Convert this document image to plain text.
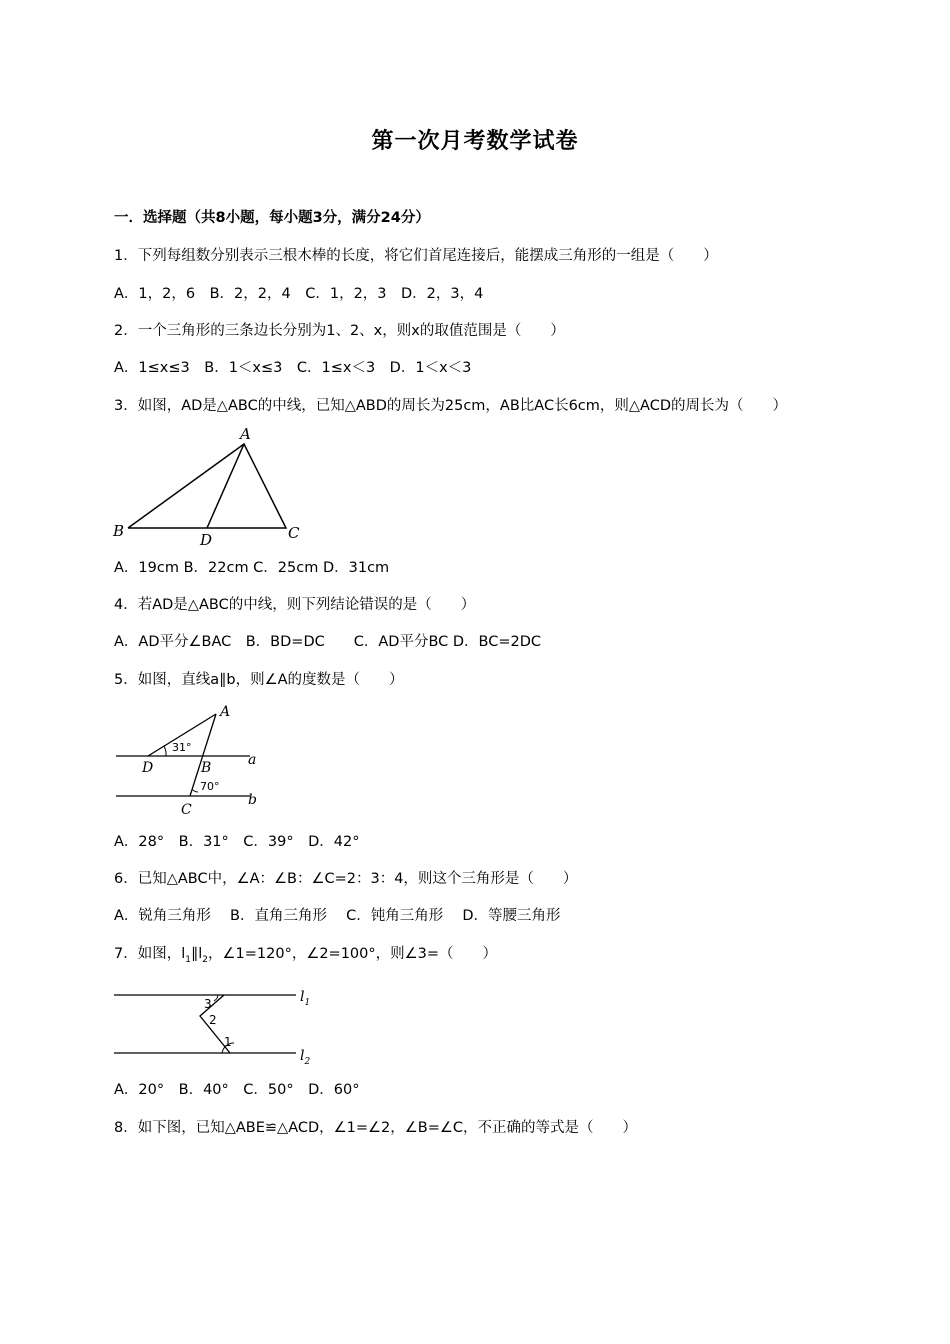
第一次月考数学试卷
一．选择题（共8小题，每小题3分，满分24分）
1．下列每组数分别表示三根木棒的长度，将它们首尾连接后，能摆成三角形的一组是（　　）
A．1，2，6　B．2，2，4　C．1，2，3　D．2，3，4
2．一个三角形的三条边长分别为1、2、x，则x的取值范围是（　　）
A．1≤x≤3　B．1＜x≤3　C．1≤x＜3　D．1＜x＜3
3．如图，AD是△ABC的中线，已知△ABD的周长为25cm，AB比AC长6cm，则△ACD的周长为（　　）
A
B	C
D
A．19cm B．22cm C．25cm D．31cm
4．若AD是△ABC的中线，则下列结论错误的是（　　）
A．AD平分∠BAC　B．BD=DC　　C．AD平分BC D．BC=2DC
5．如图，直线a∥b，则∠A的度数是（　　）
A
D	B
C
a
b
31°
70°
A．28°　B．31°　C．39°　D．42°
6．已知△ABC中，∠A：∠B：∠C=2：3：4，则这个三角形是（　　）
A．锐角三角形　 B．直角三角形　 C．钝角三角形　 D．等腰三角形
7．如图，$l_1\parallel l_2$，∠1=120°，∠2=100°，则∠3=（　　）
3
2
1
$l_1$
$l_2$
A．20°　B．40°　C．50°　D．60°
8．如下图，已知△ABE≌△ACD，∠1=∠2，∠B=∠C，不正确的等式是（　　）
